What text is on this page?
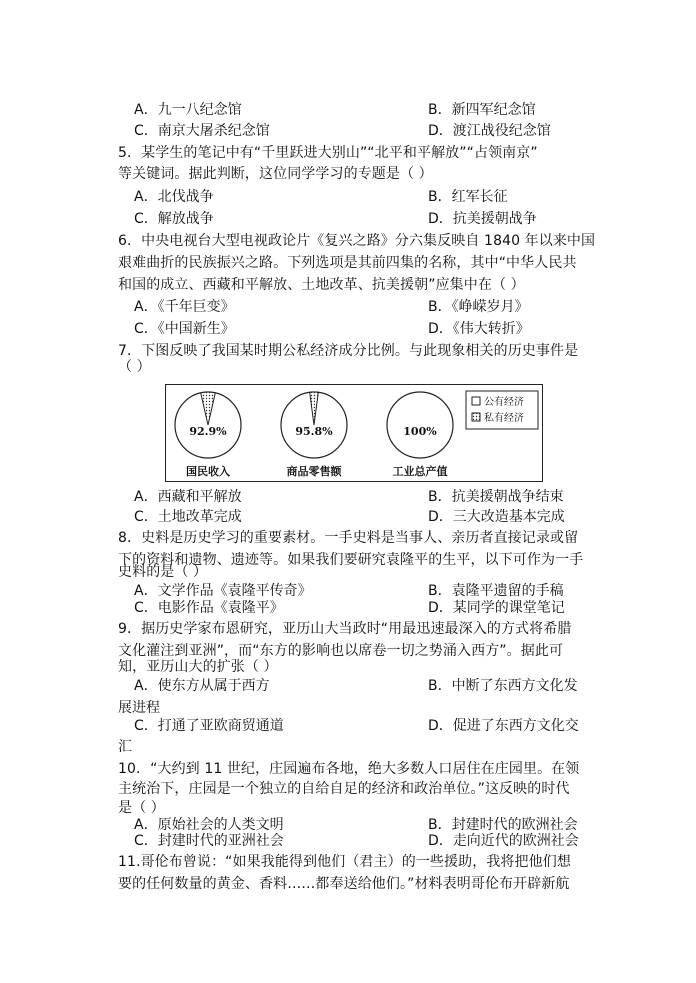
A．九一八纪念馆	B．新四军纪念馆
C．南京大屠杀纪念馆	D．渡江战役纪念馆
5．某学生的笔记中有“千里跃进大别山”“北平和平解放”“占领南京”
等关键词。据此判断，这位同学学习的专题是（ ）
A．北伐战争	B．红军长征
C．解放战争	D．抗美援朝战争
6．中央电视台大型电视政论片《复兴之路》分六集反映自 1840 年以来中国
艰难曲折的民族振兴之路。下列选项是其前四集的名称，其中“中华人民共
和国的成立、西藏和平解放、土地改革、抗美援朝”应集中在（ ）
A．《千年巨变》	B．《峥嵘岁月》
C．《中国新生》	D．《伟大转折》
7．下图反映了我国某时期公私经济成分比例。与此现象相关的历史事件是
（ ）
92.9%
国民收入
95.8%
商品零售额
100%
工业总产值
公有经济
私有经济
A．西藏和平解放	B．抗美援朝战争结束
C．土地改革完成	D．三大改造基本完成
8．史料是历史学习的重要素材。一手史料是当事人、亲历者直接记录或留
下的资料和遗物、遗迹等。如果我们要研究袁隆平的生平，以下可作为一手
史料的是（ ）
A．文学作品《袁隆平传奇》	B．袁隆平遗留的手稿
C．电影作品《袁隆平》	D．某同学的课堂笔记
9．据历史学家布恩研究，亚历山大当政时“用最迅速最深入的方式将希腊
文化灌注到亚洲”，而“东方的影响也以席卷一切之势涌入西方”。据此可
知，亚历山大的扩张（ ）
A．使东方从属于西方	B．中断了东西方文化发
展进程
C．打通了亚欧商贸通道	D．促进了东西方文化交
汇
10．“大约到 11 世纪，庄园遍布各地，绝大多数人口居住在庄园里。在领
主统治下，庄园是一个独立的自给自足的经济和政治单位。”这反映的时代
是（ ）
A．原始社会的人类文明	B．封建时代的欧洲社会
C．封建时代的亚洲社会	D．走向近代的欧洲社会
11.哥伦布曾说：“如果我能得到他们（君主）的一些援助，我将把他们想
要的任何数量的黄金、香料……都奉送给他们。”材料表明哥伦布开辟新航
